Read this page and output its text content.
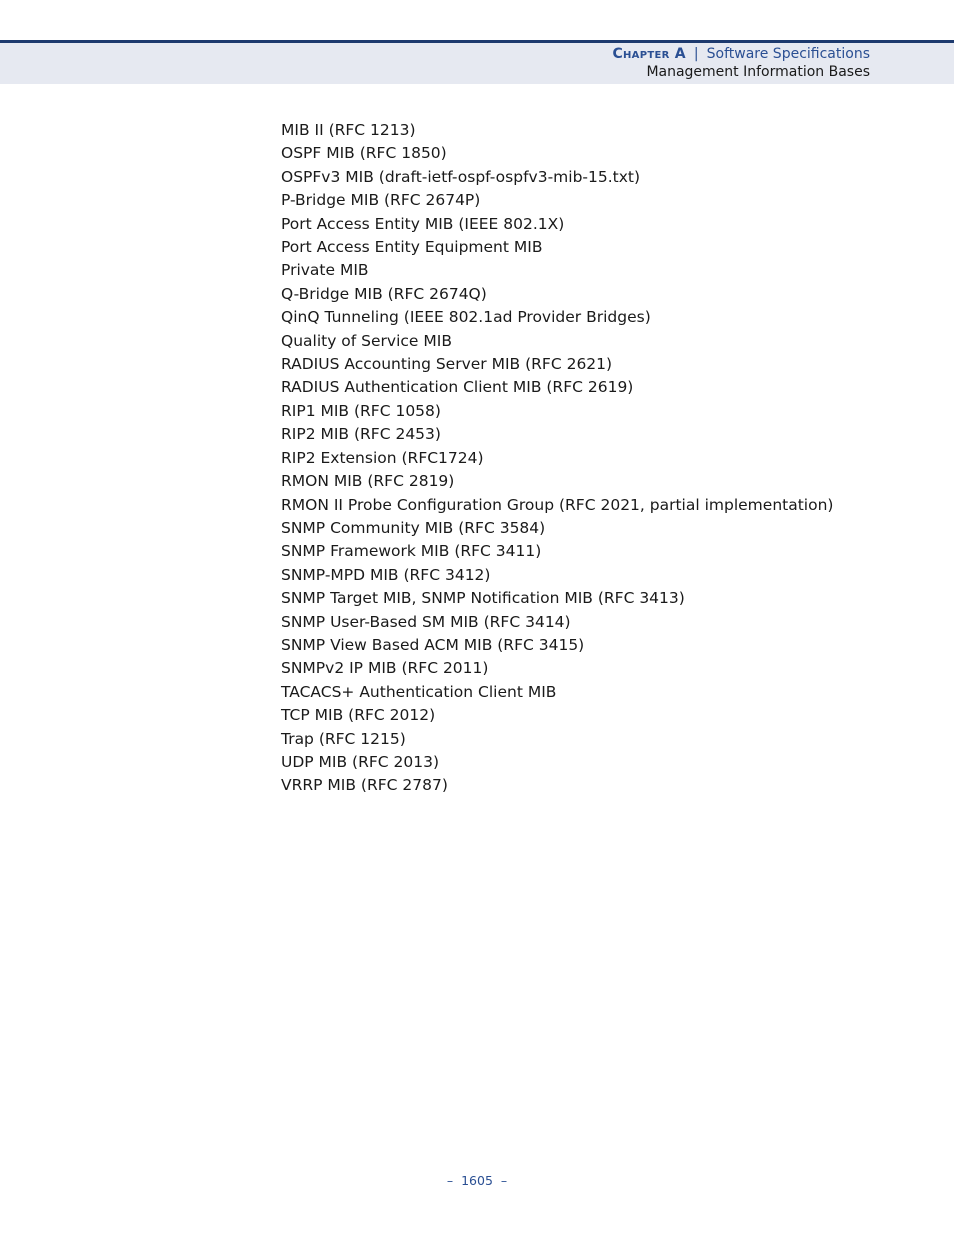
Chapter A | Software Specifications
Management Information Bases
MIB II (RFC 1213)
OSPF MIB (RFC 1850)
OSPFv3 MIB (draft-ietf-ospf-ospfv3-mib-15.txt)
P-Bridge MIB (RFC 2674P)
Port Access Entity MIB (IEEE 802.1X)
Port Access Entity Equipment MIB
Private MIB
Q-Bridge MIB (RFC 2674Q)
QinQ Tunneling (IEEE 802.1ad Provider Bridges)
Quality of Service MIB
RADIUS Accounting Server MIB (RFC 2621)
RADIUS Authentication Client MIB (RFC 2619)
RIP1 MIB (RFC 1058)
RIP2 MIB (RFC 2453)
RIP2 Extension (RFC1724)
RMON MIB (RFC 2819)
RMON II Probe Configuration Group (RFC 2021, partial implementation)
SNMP Community MIB (RFC 3584)
SNMP Framework MIB (RFC 3411)
SNMP-MPD MIB (RFC 3412)
SNMP Target MIB, SNMP Notification MIB (RFC 3413)
SNMP User-Based SM MIB (RFC 3414)
SNMP View Based ACM MIB (RFC 3415)
SNMPv2 IP MIB (RFC 2011)
TACACS+ Authentication Client MIB
TCP MIB (RFC 2012)
Trap (RFC 1215)
UDP MIB (RFC 2013)
VRRP MIB (RFC 2787)
– 1605 –
